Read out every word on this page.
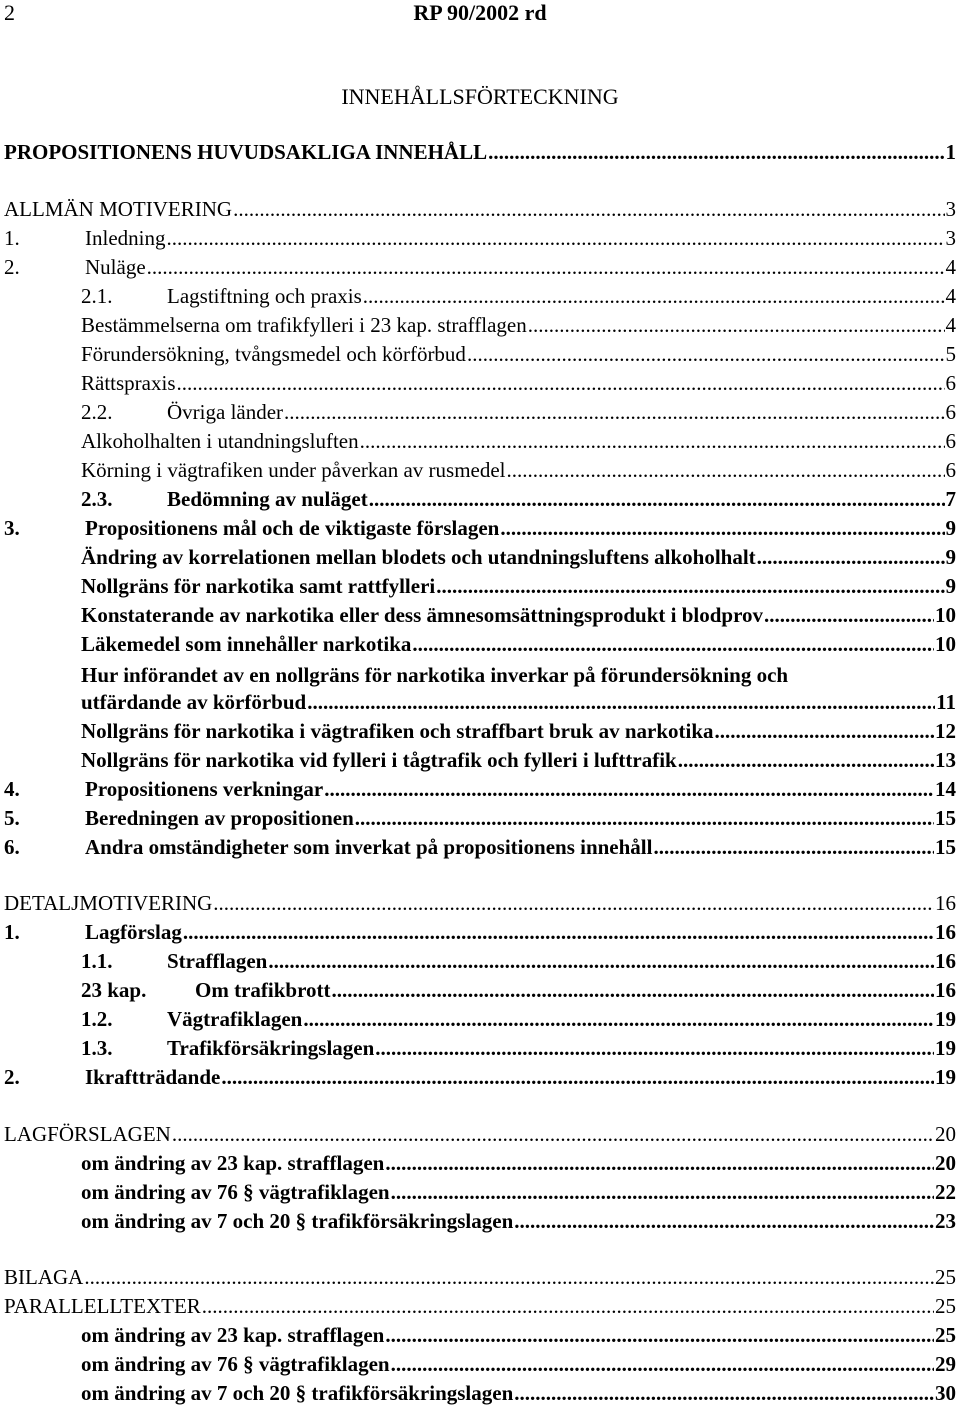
2	RP 90/2002 rd
INNEHÅLLSFÖRTECKNING
PROPOSITIONENS HUVUDSAKLIGA INNEHÅLL .....	1
ALLMÄN MOTIVERING .....	3
1.	Inledning .....	3
2.	Nuläge .....	4
2.1.	Lagstiftning och praxis .....	4
Bestämmelserna om trafikfylleri i 23 kap. strafflagen .....	4
Förundersökning, tvångsmedel och körförbud .....	5
Rättspraxis .....	6
2.2.	Övriga länder .....	6
Alkoholhalten i utandningsluften .....	6
Körning i vägtrafiken under påverkan av rusmedel .....	6
2.3.	Bedömning av nuläget .....	7
3.	Propositionens mål och de viktigaste förslagen .....	9
Ändring av korrelationen mellan blodets och utandningsluftens alkoholhalt .....	9
Nollgräns för narkotika samt rattfylleri .....	9
Konstaterande av narkotika eller dess ämnesomsättningsprodukt i blodprov .....	10
Läkemedel som innehåller narkotika .....	10
Hur införandet av en nollgräns för narkotika inverkar på förundersökning och
utfärdande av körförbud .....	11
Nollgräns för narkotika i vägtrafiken och straffbart bruk av narkotika .....	12
Nollgräns för narkotika vid fylleri i tågtrafik och fylleri i lufttrafik .....	13
4.	Propositionens verkningar .....	14
5.	Beredningen av propositionen .....	15
6.	Andra omständigheter som inverkat på propositionens innehåll .....	15
DETALJMOTIVERING .....	16
1.	Lagförslag .....	16
1.1.	Strafflagen .....	16
23 kap.	Om trafikbrott .....	16
1.2.	Vägtrafiklagen .....	19
1.3.	Trafikförsäkringslagen .....	19
2.	Ikraftträdande .....	19
LAGFÖRSLAGEN .....	20
om ändring av 23 kap. strafflagen .....	20
om ändring av 76 § vägtrafiklagen .....	22
om ändring av 7 och 20 § trafikförsäkringslagen .....	23
BILAGA .....	25
PARALLELLTEXTER .....	25
om ändring av 23 kap. strafflagen .....	25
om ändring av 76 § vägtrafiklagen .....	29
om ändring av 7 och 20 § trafikförsäkringslagen .....	30
